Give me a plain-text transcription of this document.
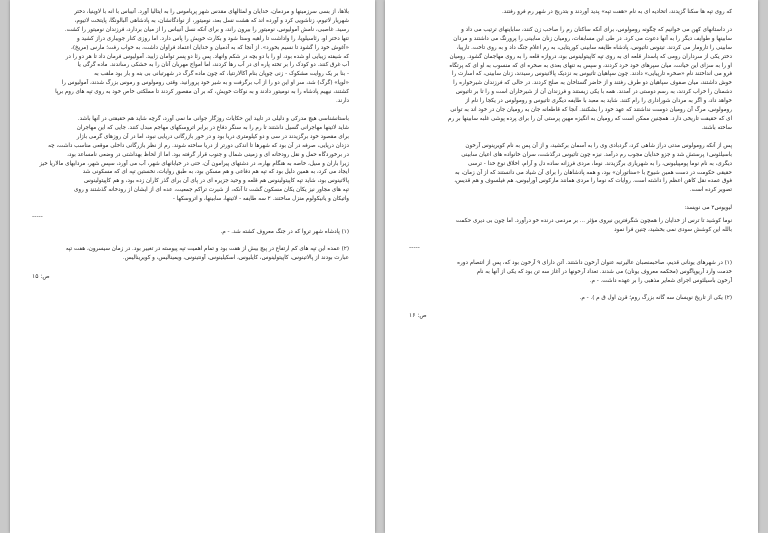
بلاها، از بسی سرزمینها و مردمان، خدایان و لمثالهای مقدس شهر پریاموس را به ایتالیا آورد. آنیباس با انه با لاوینیا، دختر
شهریار لاتیوم، زناشویی کرد و آورده اند که هشت نسل بعد، نومیتور، از نوادگانشان، به پادشاهی آلبالونگا، پایتخت لاتیوم،
رسید. غاصبی، نامش آمولیوس، نومیتور را بیرون راند، و برای آنکه نسل آنیباس را از میان بردارد، فرزندان نومیتور را کشت.
تنها دختر او، رئاسیلویا، را واداشت تا راهبه وستا شود و بکارت خویش را پاس دارد. اما روزی کنار جویباری دراز کشید و
«آغوش خود را گشود تا نسیم بخورد». از آنجا که به آدمیان و خدایان اعتماد فراوان داشت، به خواب رفت؛ مارس (مریخ)،
که شیفته زیبایی او شده بود، او را با دو بچه در شکم وانهاد. پس رئا دو پسر توأمان زایید. آمولیوس فرمان داد تا هر دو را در
آب غرق کنند. دو کودک را بر تخته پاره ای در آب رها کردند، اما امواج مهربان آنان را به خشکی رساندند. ماده گرگی یا
- بنا بر یک روایت مشکوک - زنی چوپان بنام آکالارنتیا، که چون ماده گرگ در شهرتبانی بی بنه و بار بود ملقب به
«لوپا» (گرگ) شد، سر او این دو را از آب برگرفت و به شیر خود پرورانید. وقتی رومولوس و رموس بزرگ شدند، آمولیوس را
کشتند، نیهیم پادشاه را به نومیتور دادند و به نوکات خویش، که بر آن مقصور کردند تا مملکتی خاص خود به روی تپه های روم برپا
دارند.
باستانشناسی هیچ مدرکی و دلیلی در تأیید این حکایات روزگار جوانی ما نمی آورد، گرچه شاید هم حقیقتی در آنها باشد.
شاید لاتینها مهاجرانی گسیل داشتند تا رم را به سنگر دفاع در برابر اتروسکهای مهاجم مبدل کنند. جایی که این مهاجران
برای مقصود خود برگزیدند در سی و دو کیلومتری دریا بود و در خور بازرگانی دریایی نبود، اما در آن روزهای گرمی بازار
دزدان دریایی، صرفه در آن بود که شهرها تا اندکی دورتر از دریا ساخته شوند. رم از نظر بازرگانی داخلی موقعی مناسب داشت، چه
در برخوردگاه حمل و نقل رودخانه ای و زمینی شمال و جنوب قرار گرفته بود. اما از لحاظ بهداشتی در وضعی نامساعد بود،
زیرا باران و سیل، خاصه به هنگام بهاره، در دشتهای پیرامون آن، حتی در خیابانهای شهر، آب می آورد، سپس شهر، مردابهای مالاریا خیز
ایجاد می کرد، به همین دلیل بود که تپه هم دفاعی و هم مسکن بود، به طبق روایات، نخستین تپه ای که مسکونی شد
پالاتینوس بود، شاید تپه کاپیتولینوس هم قلعه و وحید جزیره ای در پای آن برای گذر کاران زده بود، و هم کاپیتولینوس
تپه های مجاور نیز یکان یکان مسکون گشت تا آنکه، از شیرت تراکم جمعیت، عده ای از ایشان از رودخانه گذشتند و روی
واتیکان و یانیکولوم منزل ساختند. ۲ سه طایفه - لاتینها، سابینها، و اتروسکها -
-----
(۱) پادشاه شهر تروا که در جنگ معروف کشته شد. - م.
(۲) عمده این تپه های کم ارتفاع در پیچ بیش از هفت بود و تمام اهمیت تپه پیوسته در تغییر بود. در زمان سیسرون، هفت تپه
عبارت بودند از پالاتینوس، کاپیتولینوس، کایلیوس، اسکیلینوس، آونتینوس، ویمینالیس، و کویرینالیس.
ص: ۱۵
که روی تپه ها سکنا گزیدند، اتحادیه ای به نام «هفت تپه» پدید آوردند و بتدریج در شهر رم فرو رفتند.
در داستانهای کهن می خوانیم که چگونه رومولوس، برای آنکه ساکنان رم را صاحب زن کنند، ساباینهای ترتیب می داد و
سابینها و طوایف دیگر را به آنها دعوت می کرد. در طی این مسابقات، رومیان زنان سابینی را پرورنگ می داشتند و مردان
سابینی را تارومار می کردند. تیتوس تاتیوس، پادشاه طایفه سابینی کوریتایی، به رم اعلام جنگ داد و به روی تاخت. تارپیا،
دختر یکی از سرداران رومی که پاسدار قلعه ای به روی تپه کاپیتولینوس بود، دروازه قلعه را به روی مهاجمان گشود. رومیان
او را به سزای این خیانت، میان سپرهای خود خرد کردند، و سپس به تنهای بعدی به صخره ای که منسوب به او ای که پرتگاه
فرو می انداختند نام «صخره تارپیایی» دادند. چون سپاهیان تاتیوس به نزدیک پالاتینوس رسیدند، زنان سابینی، که اسارت را
خوش داشتند، میان صفوف سپاهیان دو طرف رفتند و از حاضر گستاخان به صلح کردند. در حالی که فرزندان شیرخواره را
دشمنان را خراب کردند، به رسم دوستی در آمدند. همه با یکی زیستند و فرزندان آن از شیرخاران است و را تا بر تاتیوس
خواهد داد، و اگر به مردان شوراداری را رام کنند. شاید به معبد با طایفه دیگری تاتیوس و رومولوس در یکجا را نام از
رومولوس، مرگ آن رومیان دوست نداشتند که عهد خود را بشکنند. آنجا که قاطعانه جان به رومیان جان در خود اند به توانی
ای که حقیقت تاریخی دارد. همچنین ممکن است که رومیان به انگیزه مهین پرستی آن را برای پرده پوشی غلبه سابینها بر رم
ساخته باشند.
پس از آنکه رومولوس مدتی دراز شاهی کرد، گردبادی وی را به آسمان برکشید، و از آن پس به نام کویرینوس آرخون
باسیلئوس۱ پرستش شد و جزو خدایان مجوب رم درآمد. نیزه چون تاتیوس درگذشت، سران خانواده های اعیان سابینی
دیگری، به نام نوما پومپیلیوس، را به شهریاری برگزیدند. نوما، مردی فرزانه ساده دل و آرام، اخلاق نوع خدا - ترسی
حقیقی حکومت در دست همین شیوخ با «سناتوران» بود، و همه پادشاهان را برای آن شیاد می دانستند که از آن زمان، به
فوق عمده نقل کاهن اعظم را داشته است. روایات که نوما را مردی همانند مارکوس آورلیوس، هم فیلسوف و هم قدیس،
تصویر کرده است.
لیویوس۲ می نویسد:
نوما کوشید تا ترس از خدایان را همچون شگرفترین نیروی مؤثر ... بر مردمی درنده خو درآورد. اما چون بی دیری حکمت
بالله این کوشش سودی نمی بخشید، چنین فرا نمود
-----
(۱) در شهرهای یونانی قدیم، صاحبمنصبان عالیرتبه عنوان آرخون داشتند. آتن دارای ۹ آرخون بود که، پس از انتصام دوره
خدمت وارد آریوپاگوس (محکمه معروف یونان) می شدند. تعداد آرخونها در آغاز سه تن بود که یکی از آنها به نام
آرخون باسیلئوس اجرای شعایر مذهبی را بر عهده داشت. - م.
(۲) یکی از تاریخ نویسان سه گانه بزرگ روم؛ قرن اول ق م ). - م.
ص: ۱۶
